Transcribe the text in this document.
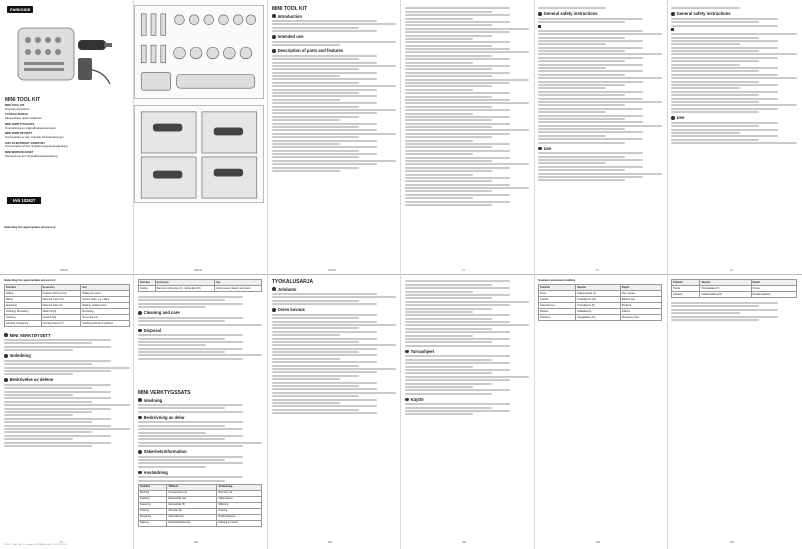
PARKSIDE
MINI TOOL KIT
MINI TOOL KIT
Original instructions
TYÖKALUSARJA
Alkuperäisen ohjeen käännös
MINI VERKTYGSSATS
Översättning av originalbruksanvisningen
MINI VERKTØYSETT
Oversettelse av den originale bruksanvisningen
SÆT ELEKTRISKT VÆRKTØJ
Oversættelse af den originale betjeningsvejledning
MINI WERKZEUGSET
Übersetzung der Originalbetriebsanleitung
IAN 102627
MINI TOOL KIT
Introduction
Intended use
Description of parts and features
General safety instructions
Use
General safety instructions
Use
Selecting the appropriate accessory
Selecting the appropriate accessory
Function	Accessory	Use
Drilling	Precision drill (1) 3 mm	Drilling into wood
Milling	Diamond cutter (14)	Various tasks, e.g. milling
Engraving	Diamond cutter (5)	Marking, detailed work
Polishing, Burnishing	Wool buff (9)	Burnishing
Cleaning	Felt buff (10)	Removing rust
Grinding, sharpening	Grinding wheel (17)	Grinding all kinds of surfaces
MINI VERKTØYSETT
Innledning
Beskrivelse av delene
Function	Accessory	Use
Cutting	Diamond cutting disc (2), cutting disc (23)	Cutting metal, plastics and wood
Cleaning and care
Disposal
TYÖKALUSARJA
Johdanto
Osien kuvaus
Turvaohjeet
Käyttö
Sopivan varusteen valinta
Toiminto	Varuste	Käyttö
Porus	Tarkkuusporat (1)	Puun poraus
Jyrsintä	Timanttijyrsin (14)	Erilaiset työt
Kaivertaminen	Timanttijyrsin (5)	Merkintä
Kiillotus	Villalaikka (9)	Kiillotus
Puhdistus	Huopalaikka (10)	Ruosteen poisto
Toiminto	Varuste	Käyttö
Hionta	Hiomalaikka (17)	Hionta
Katkaisu	Katkaisulaikka (23)	Metallin katkaisu
MINI VERKTYGSSATS
Inledning
Beskrivning av delar
Säkerhetsinformation
Användning
Funktion	Tillbehör	Användning
Borrning	Precisionsborr (1)	Borrning i trä
Fräsning	Diamantfräs (14)	Olika arbeten
Gravering	Diamantfräs (5)	Märkning
Polering	Ullrondell (9)	Polering
Rengöring	Filtrondell (10)	Rostborttagning
Kapning	Diamantkapskiva (2)	Kapning av metall
GB/IE	GB/IE	GB/IE	FI	FI	FI
FI	SE	SE	SE	SE	NO
102627_Mini_Tool_Kit_content_ORIGINAL.indd 2 15.04.15 10:21
